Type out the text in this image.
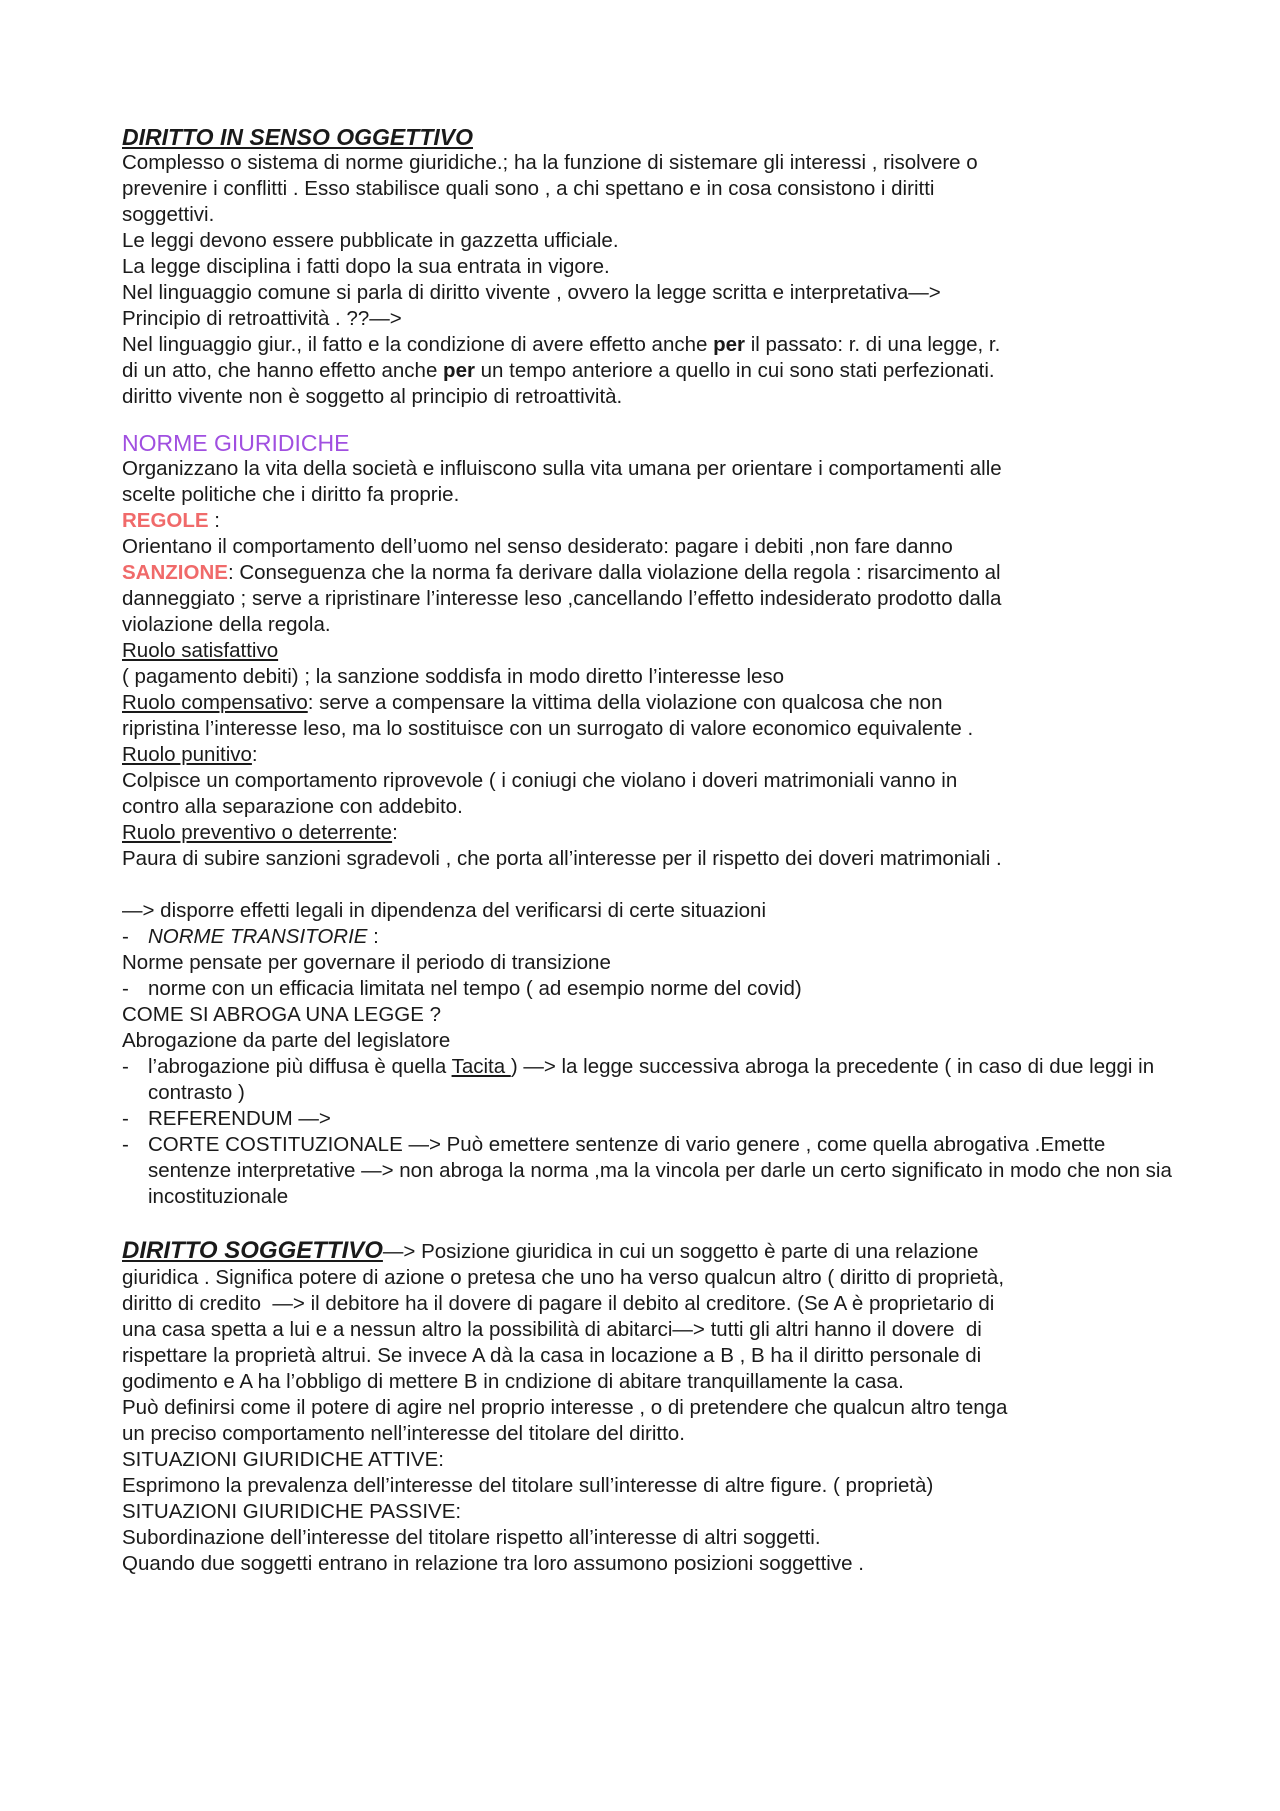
DIRITTO IN SENSO OGGETTIVO
Complesso o sistema di norme giuridiche.; ha la funzione di sistemare gli interessi , risolvere o
prevenire i conflitti . Esso stabilisce quali sono , a chi spettano e in cosa consistono i diritti
soggettivi.
Le leggi devono essere pubblicate in gazzetta ufficiale.
La legge disciplina i fatti dopo la sua entrata in vigore.
Nel linguaggio comune si parla di diritto vivente , ovvero la legge scritta e interpretativa—>
Principio di retroattività . ??—>
Nel linguaggio giur., il fatto e la condizione di avere effetto anche per il passato: r. di una legge, r.
di un atto, che hanno effetto anche per un tempo anteriore a quello in cui sono stati perfezionati.
diritto vivente non è soggetto al principio di retroattività.
NORME GIURIDICHE
Organizzano la vita della società e influiscono sulla vita umana per orientare i comportamenti alle
scelte politiche che i diritto fa proprie.
REGOLE :
Orientano il comportamento dell’uomo nel senso desiderato: pagare i debiti ,non fare danno
SANZIONE: Conseguenza che la norma fa derivare dalla violazione della regola : risarcimento al
danneggiato ; serve a ripristinare l’interesse leso ,cancellando l’effetto indesiderato prodotto dalla
violazione della regola.
Ruolo satisfattivo
( pagamento debiti) ; la sanzione soddisfa in modo diretto l’interesse leso
Ruolo compensativo: serve a compensare la vittima della violazione con qualcosa che non
ripristina l’interesse leso, ma lo sostituisce con un surrogato di valore economico equivalente .
Ruolo punitivo:
Colpisce un comportamento riprovevole ( i coniugi che violano i doveri matrimoniali vanno in
contro alla separazione con addebito.
Ruolo preventivo o deterrente:
Paura di subire sanzioni sgradevoli , che porta all’interesse per il rispetto dei doveri matrimoniali .
—> disporre effetti legali in dipendenza del verificarsi di certe situazioni
- NORME TRANSITORIE :
Norme pensate per governare il periodo di transizione
- norme con un efficacia limitata nel tempo ( ad esempio norme del covid)
COME SI ABROGA UNA LEGGE ?
Abrogazione da parte del legislatore
- l’abrogazione più diffusa è quella Tacita ) —> la legge successiva abroga la precedente ( in caso di due leggi in contrasto )
- REFERENDUM —>
- CORTE COSTITUZIONALE —> Può emettere sentenze di vario genere , come quella abrogativa .Emette sentenze interpretative —> non abroga la norma ,ma la vincola per darle un certo significato in modo che non sia incostituzionale
DIRITTO SOGGETTIVO—> Posizione giuridica in cui un soggetto è parte di una relazione
giuridica . Significa potere di azione o pretesa che uno ha verso qualcun altro ( diritto di proprietà,
diritto di credito  —> il debitore ha il dovere di pagare il debito al creditore. (Se A è proprietario di
una casa spetta a lui e a nessun altro la possibilità di abitarci—> tutti gli altri hanno il dovere  di
rispettare la proprietà altrui. Se invece A dà la casa in locazione a B , B ha il diritto personale di
godimento e A ha l’obbligo di mettere B in cndizione di abitare tranquillamente la casa.
Può definirsi come il potere di agire nel proprio interesse , o di pretendere che qualcun altro tenga
un preciso comportamento nell’interesse del titolare del diritto.
SITUAZIONI GIURIDICHE ATTIVE:
Esprimono la prevalenza dell’interesse del titolare sull’interesse di altre figure. ( proprietà)
SITUAZIONI GIURIDICHE PASSIVE:
Subordinazione dell’interesse del titolare rispetto all’interesse di altri soggetti.
Quando due soggetti entrano in relazione tra loro assumono posizioni soggettive .
